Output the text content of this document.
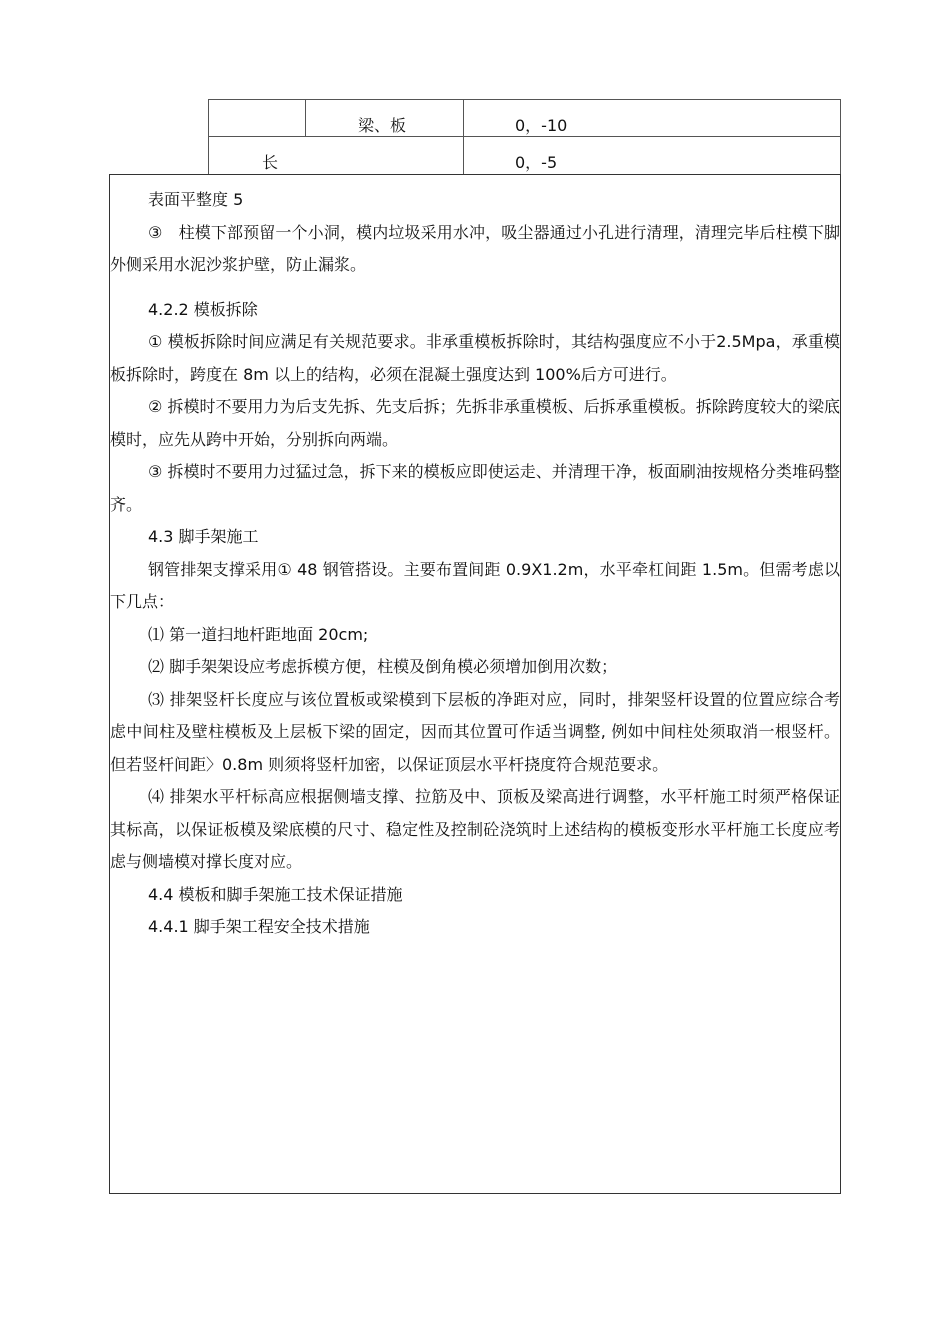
梁、板	0，-10
长	0，-5

表面平整度 5

③　柱模下部预留一个小洞，模内垃圾采用水冲，吸尘器通过小孔进行清理，清理完毕后柱模下脚外侧采用水泥沙浆护壁，防止漏浆。

4.2.2 模板拆除

① 模板拆除时间应满足有关规范要求。非承重模板拆除时，其结构强度应不小于2.5Mpa，承重模板拆除时，跨度在 8m 以上的结构，必须在混凝土强度达到 100%后方可进行。

② 拆模时不要用力为后支先拆、先支后拆；先拆非承重模板、后拆承重模板。拆除跨度较大的梁底模时，应先从跨中开始，分别拆向两端。

③ 拆模时不要用力过猛过急，拆下来的模板应即使运走、并清理干净，板面刷油按规格分类堆码整齐。

4.3 脚手架施工

钢管排架支撑采用① 48 钢管搭设。主要布置间距 0.9X1.2m，水平牵杠间距 1.5m。但需考虑以下几点：

⑴ 第一道扫地杆距地面 20cm;

⑵ 脚手架架设应考虑拆模方便，柱模及倒角模必须增加倒用次数；

⑶ 排架竖杆长度应与该位置板或梁模到下层板的净距对应，同时，排架竖杆设置的位置应综合考虑中间柱及壁柱模板及上层板下梁的固定，因而其位置可作适当调整, 例如中间柱处须取消一根竖杆。但若竖杆间距〉0.8m 则须将竖杆加密，以保证顶层水平杆挠度符合规范要求。

⑷ 排架水平杆标高应根据侧墙支撑、拉筋及中、顶板及梁高进行调整，水平杆施工时须严格保证其标高，以保证板模及梁底模的尺寸、稳定性及控制砼浇筑时上述结构的模板变形水平杆施工长度应考虑与侧墙模对撑长度对应。

4.4 模板和脚手架施工技术保证措施

4.4.1 脚手架工程安全技术措施
